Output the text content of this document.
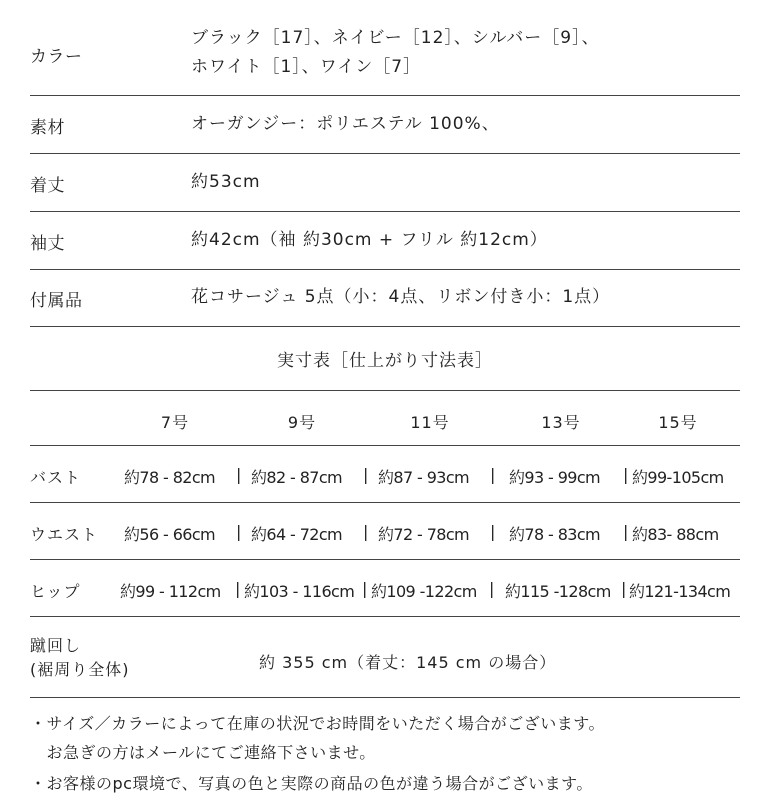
カラー
ブラック［17］、ネイビー［12］、シルバー［9］、
ホワイト［1］、ワイン［7］
素材	オーガンジー：ポリエステル 100%、
着丈	約53cm
袖丈	約42cm（袖 約30cm + フリル 約12cm）
付属品	花コサージュ 5点（小：4点、リボン付き小：1点）
実寸表［仕上がり寸法表］
7号	9号	11号	13号	15号
バスト	約78 - 82cm | 約82 - 87cm | 約87 - 93cm | 約93 - 99cm | 約99-105cm
ウエスト 約56 - 66cm | 約64 - 72cm | 約72 - 78cm | 約78 - 83cm | 約83- 88cm
ヒップ 約99 - 112cm | 約103 - 116cm | 約109 -122cm | 約115 -128cm | 約121-134cm
蹴回し
(裾周り全体)	約 355 cm（着丈：145 cm の場合）
・サイズ／カラーによって在庫の状況でお時間をいただく場合がございます。
　お急ぎの方はメールにてご連絡下さいませ。
・お客様のpc環境で、写真の色と実際の商品の色が違う場合がございます。
